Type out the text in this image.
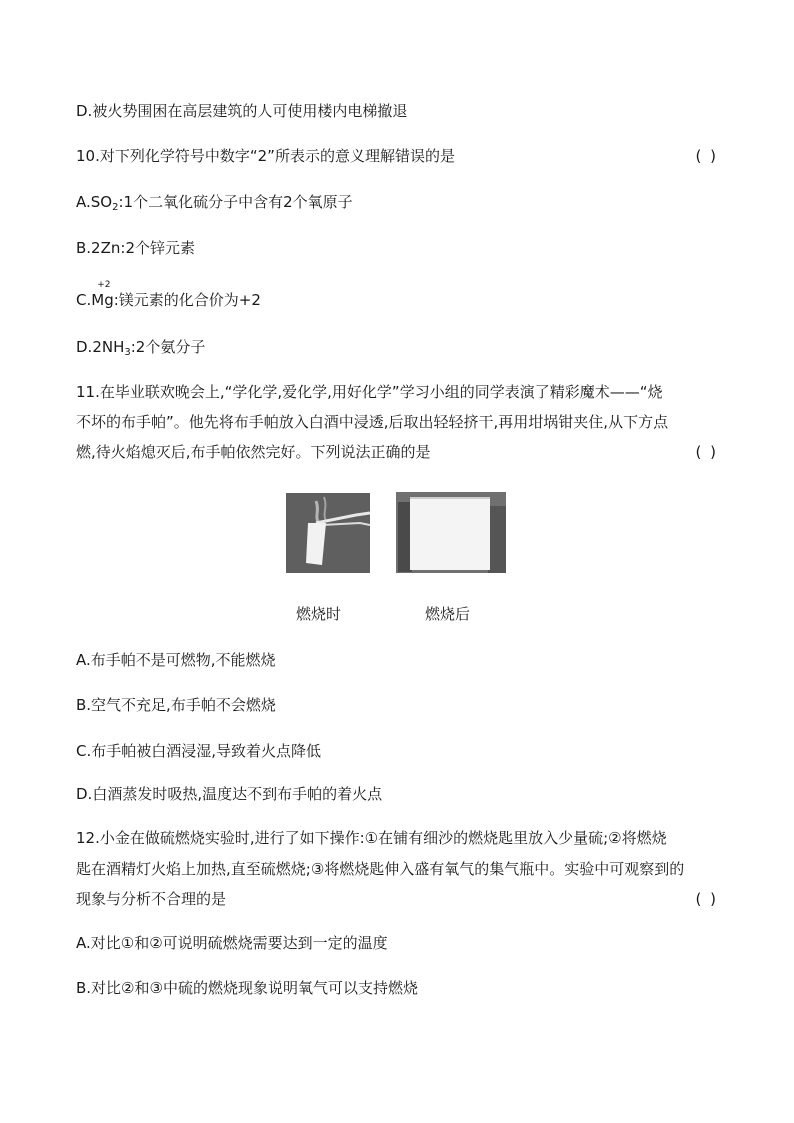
D.被火势围困在高层建筑的人可使用楼内电梯撤退
10.对下列化学符号中数字“2”所表示的意义理解错误的是	( )
$A.SO_2:1$个二氧化硫分子中含有2个氧原子
B.2Zn:2个锌元素
C.
+2
Mg:镁元素的化合价为+2
$D.2NH_3:2$个氨分子
11.在毕业联欢晚会上,“学化学,爱化学,用好化学”学习小组的同学表演了精彩魔术——“烧
不坏的布手帕”。他先将布手帕放入白酒中浸透,后取出轻轻挤干,再用坩埚钳夹住,从下方点
燃,待火焰熄灭后,布手帕依然完好。下列说法正确的是	( )
燃烧时	燃烧后
A.布手帕不是可燃物,不能燃烧
B.空气不充足,布手帕不会燃烧
C.布手帕被白酒浸湿,导致着火点降低
D.白酒蒸发时吸热,温度达不到布手帕的着火点
12.小金在做硫燃烧实验时,进行了如下操作:①在铺有细沙的燃烧匙里放入少量硫;②将燃烧
匙在酒精灯火焰上加热,直至硫燃烧;③将燃烧匙伸入盛有氧气的集气瓶中。实验中可观察到的
现象与分析不合理的是	( )
A.对比①和②可说明硫燃烧需要达到一定的温度
B.对比②和③中硫的燃烧现象说明氧气可以支持燃烧
